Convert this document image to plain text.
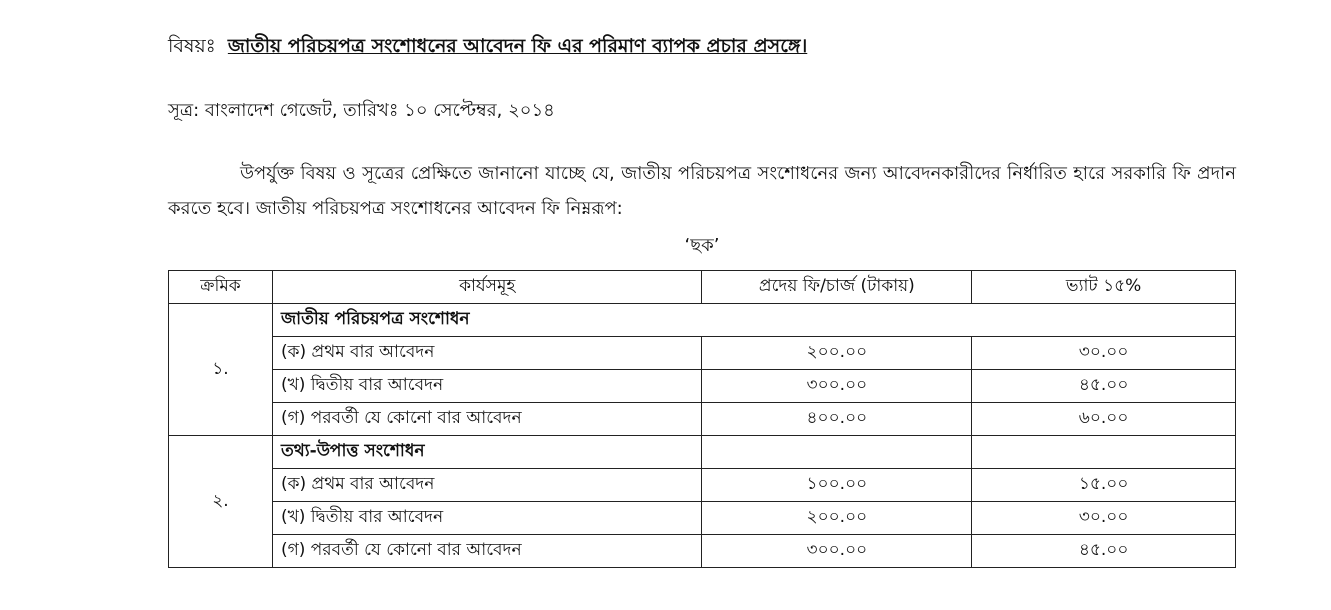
বিষয়ঃ জাতীয় পরিচয়পত্র সংশোধনের আবেদন ফি এর পরিমাণ ব্যাপক প্রচার প্রসঙ্গে।
সূত্র: বাংলাদেশ গেজেট, তারিখঃ ১০ সেপ্টেম্বর, ২০১৪

উপর্যুক্ত বিষয় ও সূত্রের প্রেক্ষিতে জানানো যাচ্ছে যে, জাতীয় পরিচয়পত্র সংশোধনের জন্য আবেদনকারীদের নির্ধারিত হারে সরকারি ফি প্রদান করতে হবে। জাতীয় পরিচয়পত্র সংশোধনের আবেদন ফি নিম্নরূপ:

‘ছক’
ক্রমিক	কার্যসমূহ	প্রদেয় ফি/চার্জ (টাকায়)	ভ্যাট ১৫%
১.	জাতীয় পরিচয়পত্র সংশোধন		
	(ক) প্রথম বার আবেদন	২০০.০০	৩০.০০
	(খ) দ্বিতীয় বার আবেদন	৩০০.০০	৪৫.০০
	(গ) পরবর্তী যে কোনো বার আবেদন	৪০০.০০	৬০.০০
২.	তথ্য-উপাত্ত সংশোধন		
	(ক) প্রথম বার আবেদন	১০০.০০	১৫.০০
	(খ) দ্বিতীয় বার আবেদন	২০০.০০	৩০.০০
	(গ) পরবর্তী যে কোনো বার আবেদন	৩০০.০০	৪৫.০০
